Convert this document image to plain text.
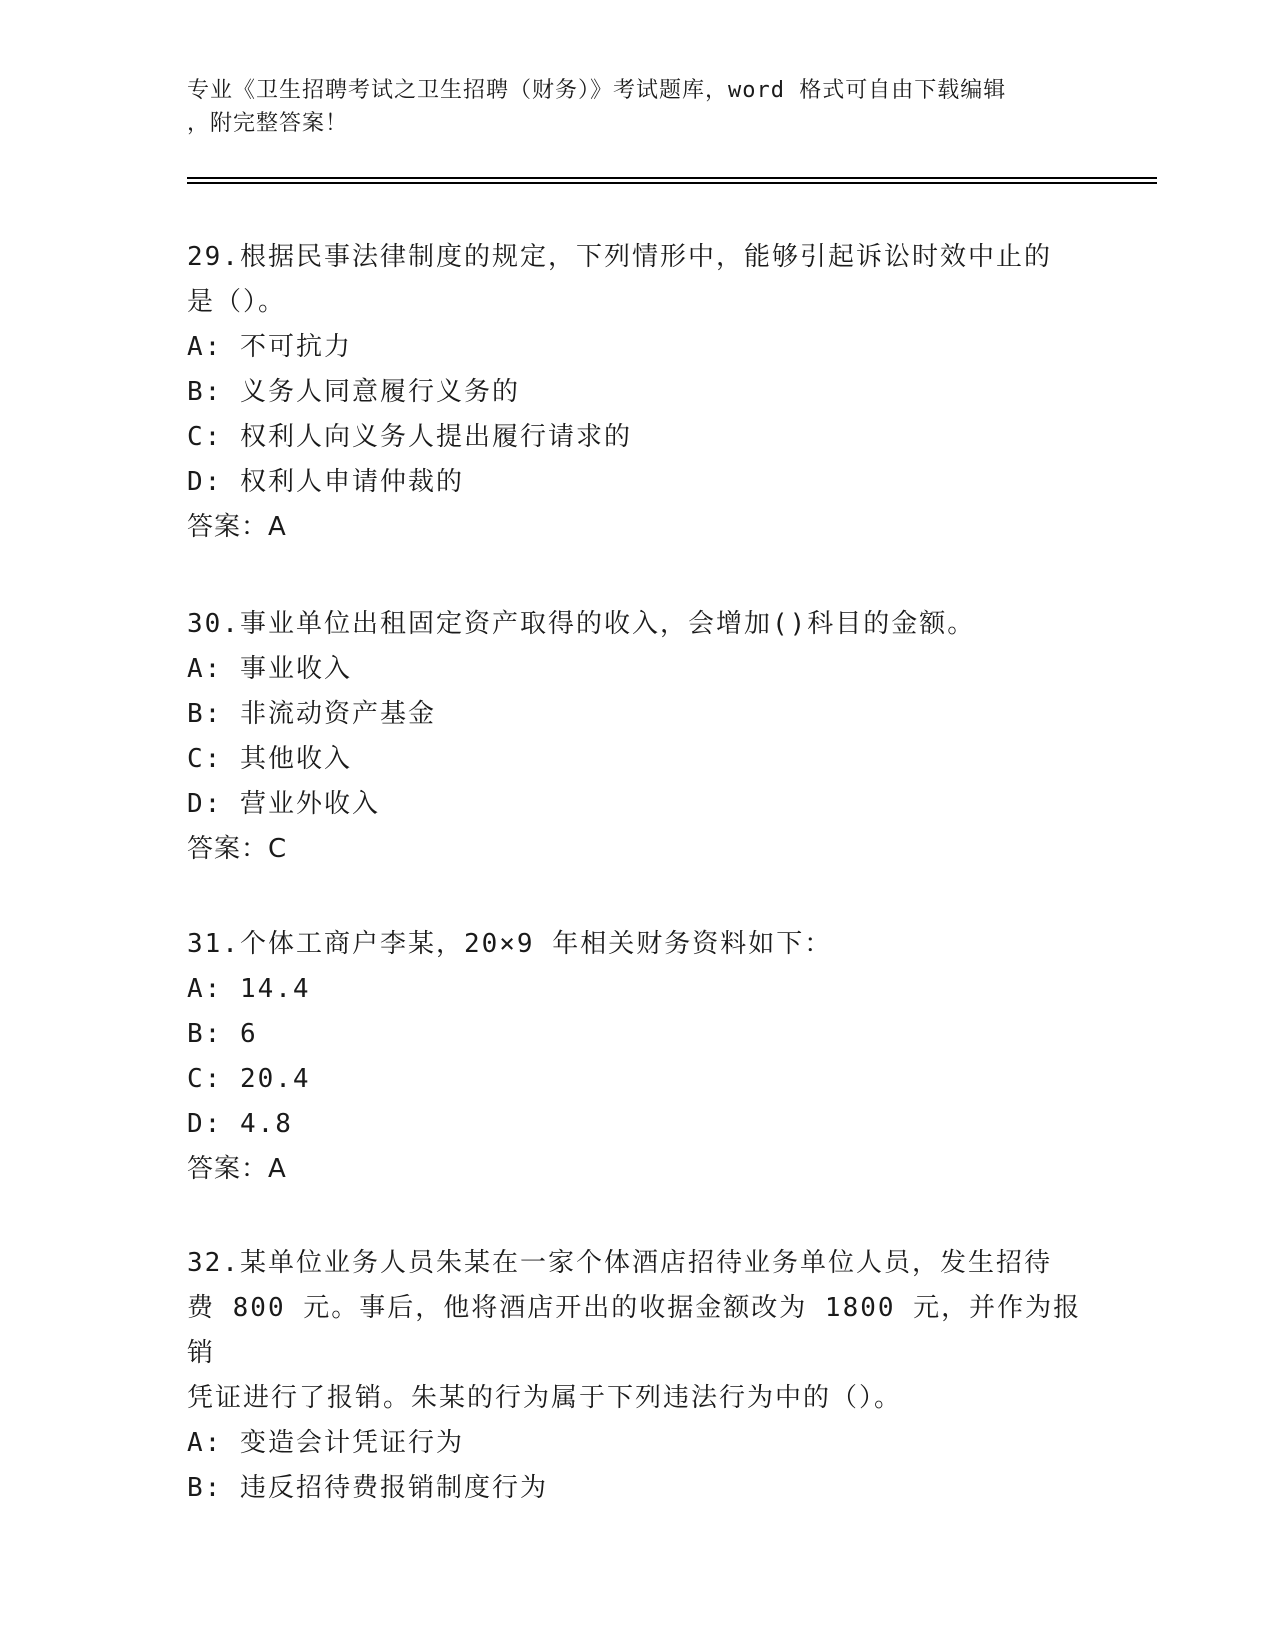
专业《卫生招聘考试之卫生招聘（财务）》考试题库，word 格式可自由下载编辑
，附完整答案！
29.根据民事法律制度的规定，下列情形中，能够引起诉讼时效中止的
是（）。
A: 不可抗力
B: 义务人同意履行义务的
C: 权利人向义务人提出履行请求的
D: 权利人申请仲裁的
答案：A
30.事业单位出租固定资产取得的收入，会增加()科目的金额。
A: 事业收入
B: 非流动资产基金
C: 其他收入
D: 营业外收入
答案：C
31.个体工商户李某，20×9 年相关财务资料如下：
A: 14.4
B: 6
C: 20.4
D: 4.8
答案：A
32.某单位业务人员朱某在一家个体酒店招待业务单位人员，发生招待
费 800 元。事后，他将酒店开出的收据金额改为 1800 元，并作为报销
凭证进行了报销。朱某的行为属于下列违法行为中的（）。
A: 变造会计凭证行为
B: 违反招待费报销制度行为
